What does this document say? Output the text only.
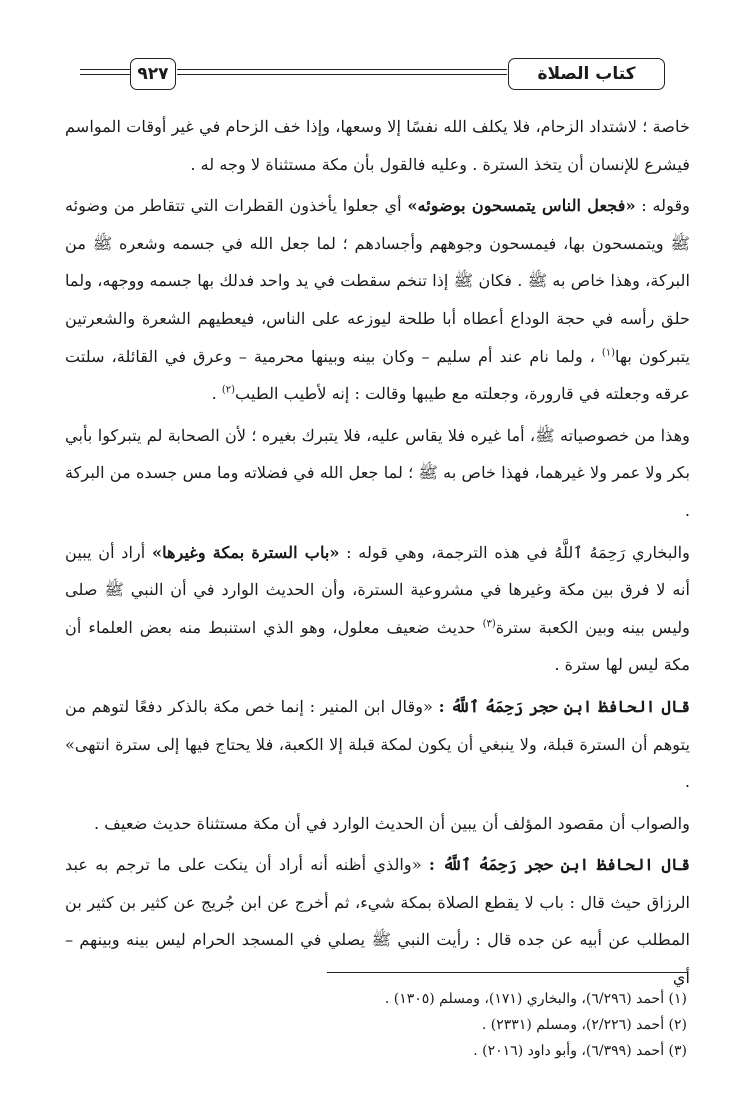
٩٢٧	كتاب الصلاة

خاصة ؛ لاشتداد الزحام، فلا يكلف الله نفسًا إلا وسعها، وإذا خف الزحام في غير أوقات المواسم فيشرع للإنسان أن يتخذ السترة . وعليه فالقول بأن مكة مستثناة لا وجه له .

وقوله : «فجعل الناس يتمسحون بوضوئه» أي جعلوا يأخذون القطرات التي تتقاطر من وضوئه ﷺ ويتمسحون بها، فيمسحون وجوههم وأجسادهم ؛ لما جعل الله في جسمه وشعره ﷺ من البركة، وهذا خاص به ﷺ . فكان ﷺ إذا تنخم سقطت في يد واحد فدلك بها جسمه ووجهه، ولما حلق رأسه في حجة الوداع أعطاه أبا طلحة ليوزعه على الناس، فيعطيهم الشعرة والشعرتين يتبركون بها$^{(١)}$ ، ولما نام عند أم سليم – وكان بينه وبينها محرمية – وعرق في القائلة، سلتت عرقه وجعلته في قارورة، وجعلته مع طيبها وقالت : إنه لأطيب الطيب$^{(٢)}$ .

وهذا من خصوصياته ﷺ، أما غيره فلا يقاس عليه، فلا يتبرك بغيره ؛ لأن الصحابة لم يتبركوا بأبي بكر ولا عمر ولا غيرهما، فهذا خاص به ﷺ ؛ لما جعل الله في فضلاته وما مس جسده من البركة .

والبخاري رَحِمَهُ ٱللَّهُ في هذه الترجمة، وهي قوله : «باب السترة بمكة وغيرها» أراد أن يبين أنه لا فرق بين مكة وغيرها في مشروعية السترة، وأن الحديث الوارد في أن النبي ﷺ صلى وليس بينه وبين الكعبة سترة$^{(٣)}$ حديث ضعيف معلول، وهو الذي استنبط منه بعض العلماء أن مكة ليس لها سترة .

قال الحافظ ابن حجر رَحِمَهُ ٱللَّهُ : «وقال ابن المنير : إنما خص مكة بالذكر دفعًا لتوهم من يتوهم أن السترة قبلة، ولا ينبغي أن يكون لمكة قبلة إلا الكعبة، فلا يحتاج فيها إلى سترة انتهى» .

والصواب أن مقصود المؤلف أن يبين أن الحديث الوارد في أن مكة مستثناة حديث ضعيف .

قال الحافظ ابن حجر رَحِمَهُ ٱللَّهُ : «والذي أظنه أنه أراد أن ينكت على ما ترجم به عبد الرزاق حيث قال : باب لا يقطع الصلاة بمكة شيء، ثم أخرج عن ابن جُريج عن كثير بن كثير بن المطلب عن أبيه عن جده قال : رأيت النبي ﷺ يصلي في المسجد الحرام ليس بينه وبينهم – أي

(١) أحمد (٦/٢٩٦)، والبخاري (١٧١)، ومسلم (١٣٠٥) .
(٢) أحمد (٢/٢٢٦)، ومسلم (٢٣٣١) .
(٣) أحمد (٦/٣٩٩)، وأبو داود (٢٠١٦) .
